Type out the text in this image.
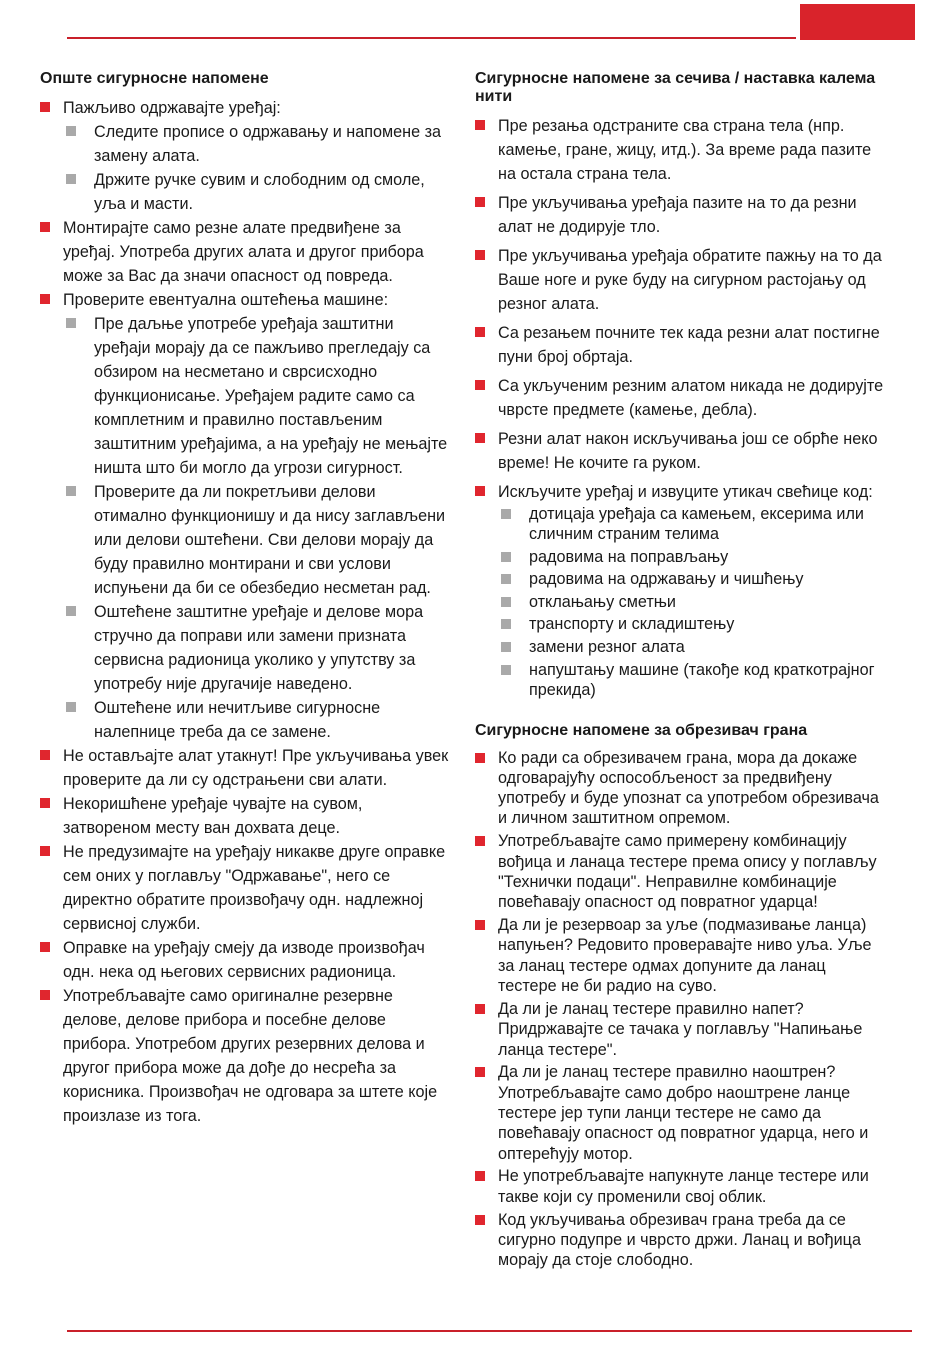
Опште сигурносне напомене
Пажљиво одржавајте уређај:
Следите прописе о одржавању и напомене за замену алата.
Држите ручке сувим и слободним од смоле, уља и масти.
Монтирајте само резне алате предвиђене за уређај. Употреба других алата и другог прибора може за Вас да значи опасност од повреда.
Проверите евентуална оштећења машине:
Пре даљње употребе уређаја заштитни уређаји морају да се пажљиво прегледају са обзиром на несметано и сврсисходно функционисање. Уређајем радите само са комплетним и правилно постављеним заштитним уређајима, а на уређају не мењајте ништа што би могло да угрози сигурност.
Проверите да ли покретљиви делови отимално функционишу и да нису заглављени или делови оштећени. Сви делови морају да буду правилно монтирани и сви услови испуњени да би се обезбедио несметан рад.
Оштећене заштитне уређаје и делове мора стручно да поправи или замени призната сервисна радионица уколико у упутству за употребу није другачије наведено.
Оштећене или нечитљиве сигурносне налепнице треба да се замене.
Не остављајте алат утакнут! Пре укључивања увек проверите да ли су одстрањени сви алати.
Некоришћене уређаје чувајте на сувом, затвореном месту ван дохвата деце.
Не предузимајте на уређају никакве друге оправке сем оних у поглављу "Одржавање", него се директно обратите произвођачу одн. надлежној сервисној служби.
Оправке на уређају смеју да изводе произвођач одн. нека од његових сервисних радионица.
Употребљавајте само оригиналне резервне делове, делове прибора и посебне делове прибора. Употребом других резервних делова и другог прибора може да дође до несрећа за корисника. Произвођач не одговара за штете које произлазе из тога.
Сигурносне напомене за сечива / наставка калема нити
Пре резања одстраните сва страна тела (нпр. камење, гране, жицу, итд.). За време рада пазите на остала страна тела.
Пре укључивања уређаја пазите на то да резни алат не додирује тло.
Пре укључивања уређаја обратите пажњу на то да Ваше ноге и руке буду на сигурном растојању од резног алата.
Са резањем почните тек када резни алат постигне пуни број обртаја.
Са укљученим резним алатом никада не додирујте чврсте предмете (камење, дебла).
Резни алат након искључивања још се обрће неко време! Не кочите га руком.
Искључите уређај и извуците утикач свећице код:
дотицаја уређаја са камењем, ексерима или сличним страним телима
радовима на поправљању
радовима на одржавању и чишћењу
отклањању сметњи
транспорту и складиштењу
замени резног алата
напуштању машине (такође код краткотрајног прекида)
Сигурносне напомене за обрезивач грана
Ко ради са обрезивачем грана, мора да докаже одговарајућу оспособљеност за предвиђену употребу и буде упознат са употребом обрезивача и личном заштитном опремом.
Употребљавајте само примерену комбинацију вођица и ланаца тестере према опису у поглављу "Технички подаци". Неправилне комбинације повећавају опасност од повратног ударца!
Да ли је резервоар за уље (подмазивање ланца) напуњен? Редовито проверавајте ниво уља. Уље за ланац тестере одмах допуните да ланац тестере не би радио на суво.
Да ли је ланац тестере правилно напет? Придржавајте се тачака у поглављу "Напињање ланца тестере".
Да ли је ланац тестере правилно наоштрен? Употребљавајте само добро наоштрене ланце тестере јер тупи ланци тестере не само да повећавају опасност од повратног ударца, него и оптерећују мотор.
Не употребљавајте напукнуте ланце тестере или такве који су променили свој облик.
Код укључивања обрезивач грана треба да се сигурно подупре и чврсто држи. Ланац и вођица морају да стоје слободно.
